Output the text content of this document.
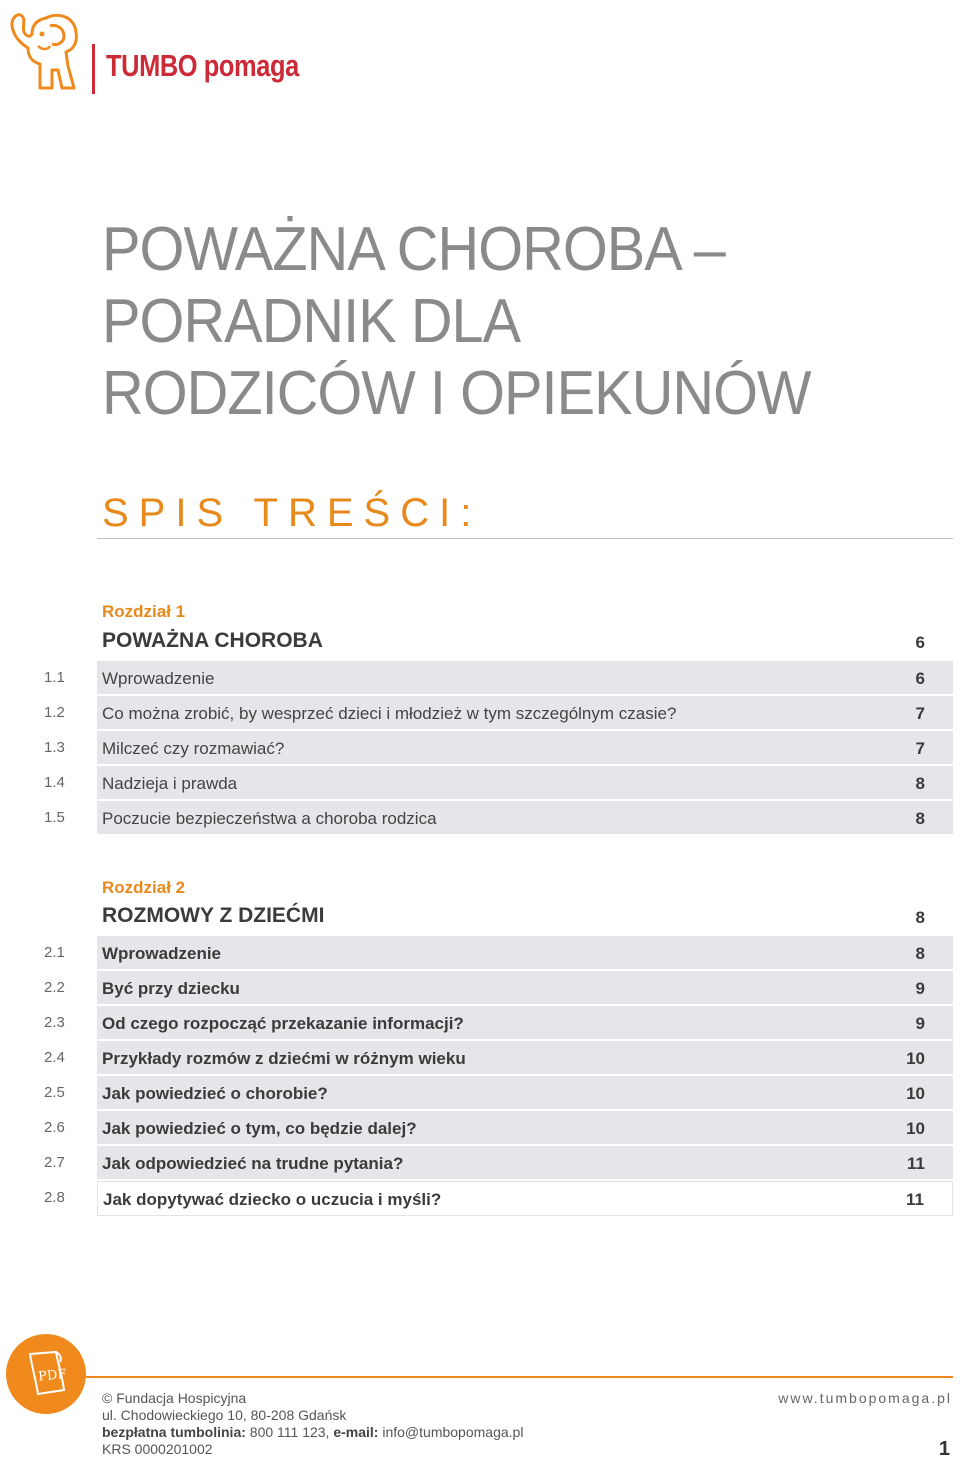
TUMBO pomaga
POWAŻNA CHOROBA –
PORADNIK DLA
RODZICÓW I OPIEKUNÓW
SPIS TREŚCI:
Rozdział 1
POWAŻNA CHOROBA	6
1.1 Wprowadzenie	6
1.2 Co można zrobić, by wesprzeć dzieci i młodzież w tym szczególnym czasie?	7
1.3 Milczeć czy rozmawiać?	7
1.4 Nadzieja i prawda	8
1.5 Poczucie bezpieczeństwa a choroba rodzica	8
Rozdział 2
ROZMOWY Z DZIEĆMI	8
2.1 Wprowadzenie	8
2.2 Być przy dziecku	9
2.3 Od czego rozpocząć przekazanie informacji?	9
2.4 Przykłady rozmów z dziećmi w różnym wieku	10
2.5 Jak powiedzieć o chorobie?	10
2.6 Jak powiedzieć o tym, co będzie dalej?	10
2.7 Jak odpowiedzieć na trudne pytania?	11
2.8 Jak dopytywać dziecko o uczucia i myśli?	11
PDF
© Fundacja Hospicyjna
ul. Chodowieckiego 10, 80-208 Gdańsk
bezpłatna tumbolinia: 800 111 123, e-mail: info@tumbopomaga.pl
KRS 0000201002
www.tumbopomaga.pl
1
